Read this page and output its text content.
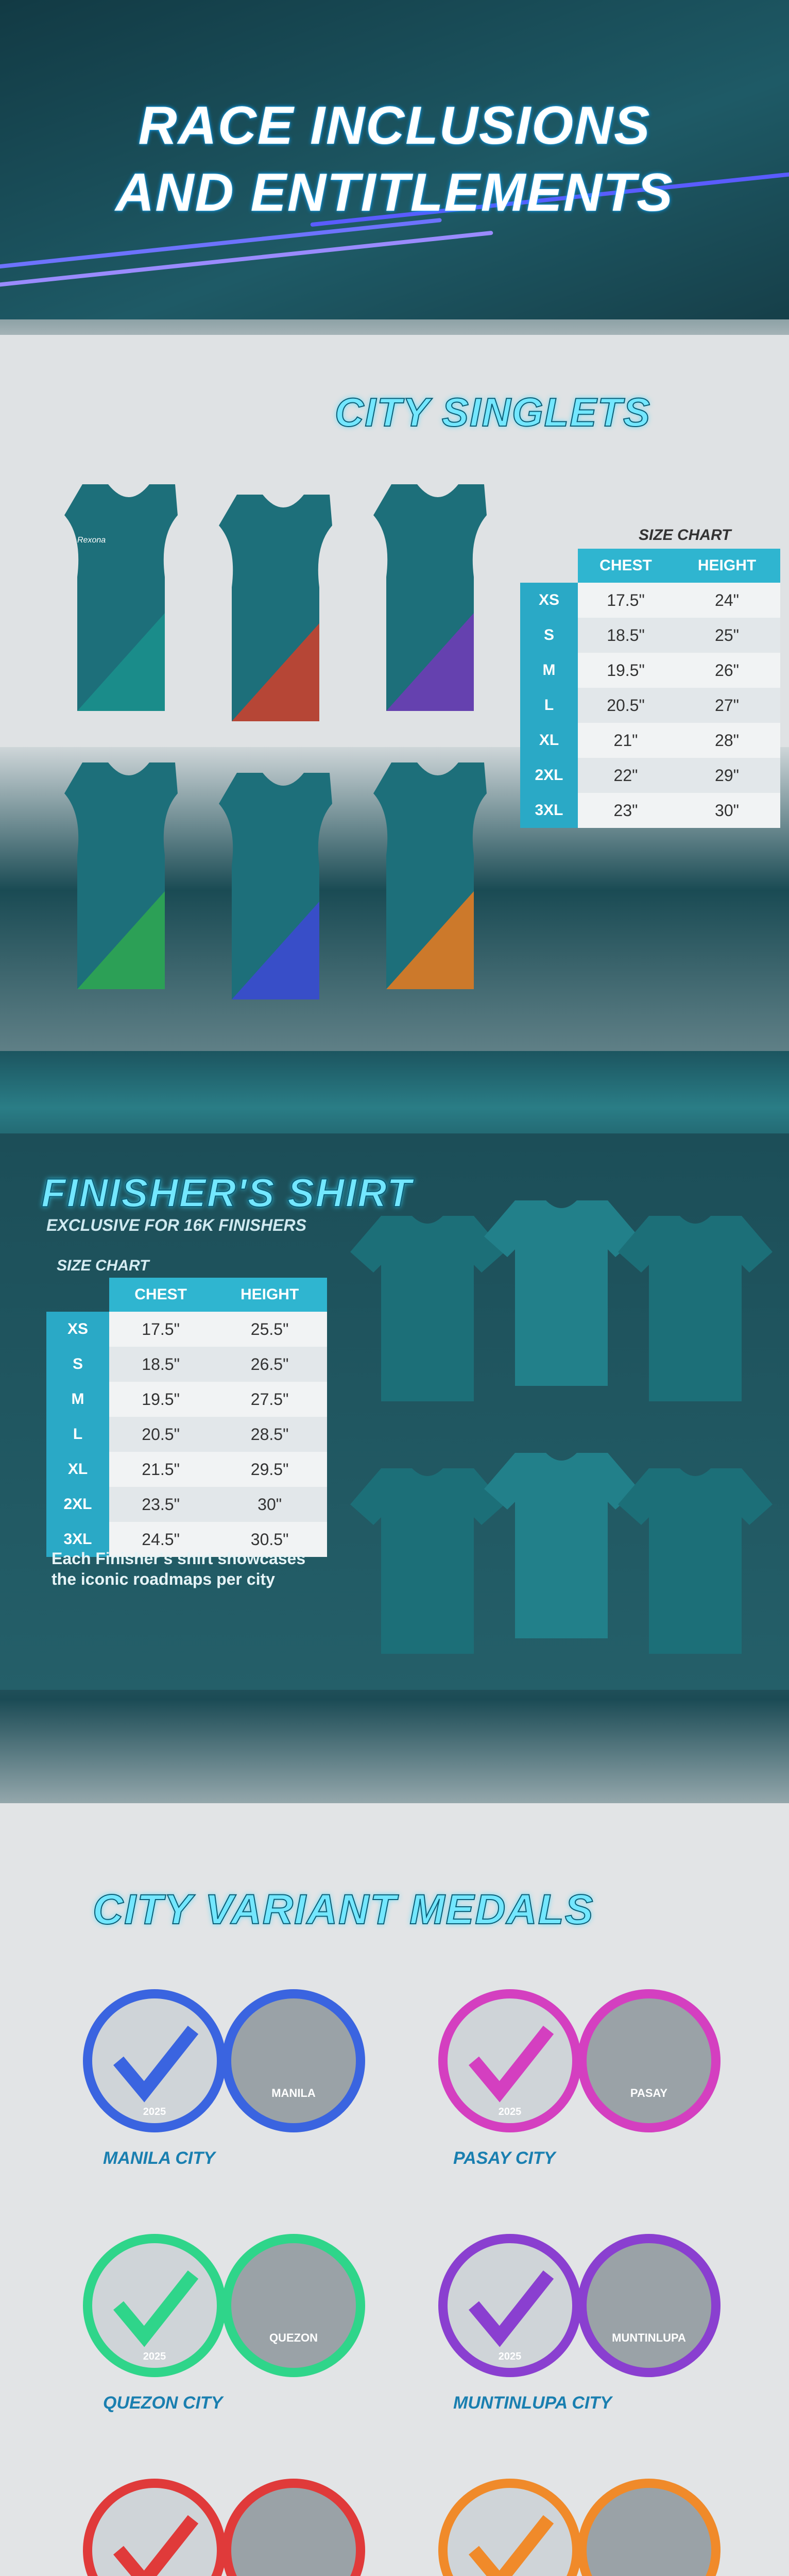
RACE INCLUSIONS
AND ENTITLEMENTS
CITY SINGLETS
Rexona	SIZE CHART
	CHEST	HEIGHT
XS	17.5"	24"
S	18.5"	25"
M	19.5"	26"
L	20.5"	27"
XL	21"	28"
2XL	22"	29"
3XL	23"	30"
FINISHER'S SHIRT
EXCLUSIVE FOR 16K FINISHERS
SIZE CHART
	CHEST	HEIGHT
XS	17.5"	25.5"
S	18.5"	26.5"
M	19.5"	27.5"
L	20.5"	28.5"
XL	21.5"	29.5"
2XL	23.5"	30"
3XL	24.5"	30.5"
Each Finisher's shirt showcases the iconic roadmaps per city
CITY VARIANT MEDALS
2025
MANILA
2025
PASAY
2025
QUEZON
2025
MUNTINLUPA
MANILA CITY	PASAY CITY
QUEZON CITY	MUNTINLUPA CITY
